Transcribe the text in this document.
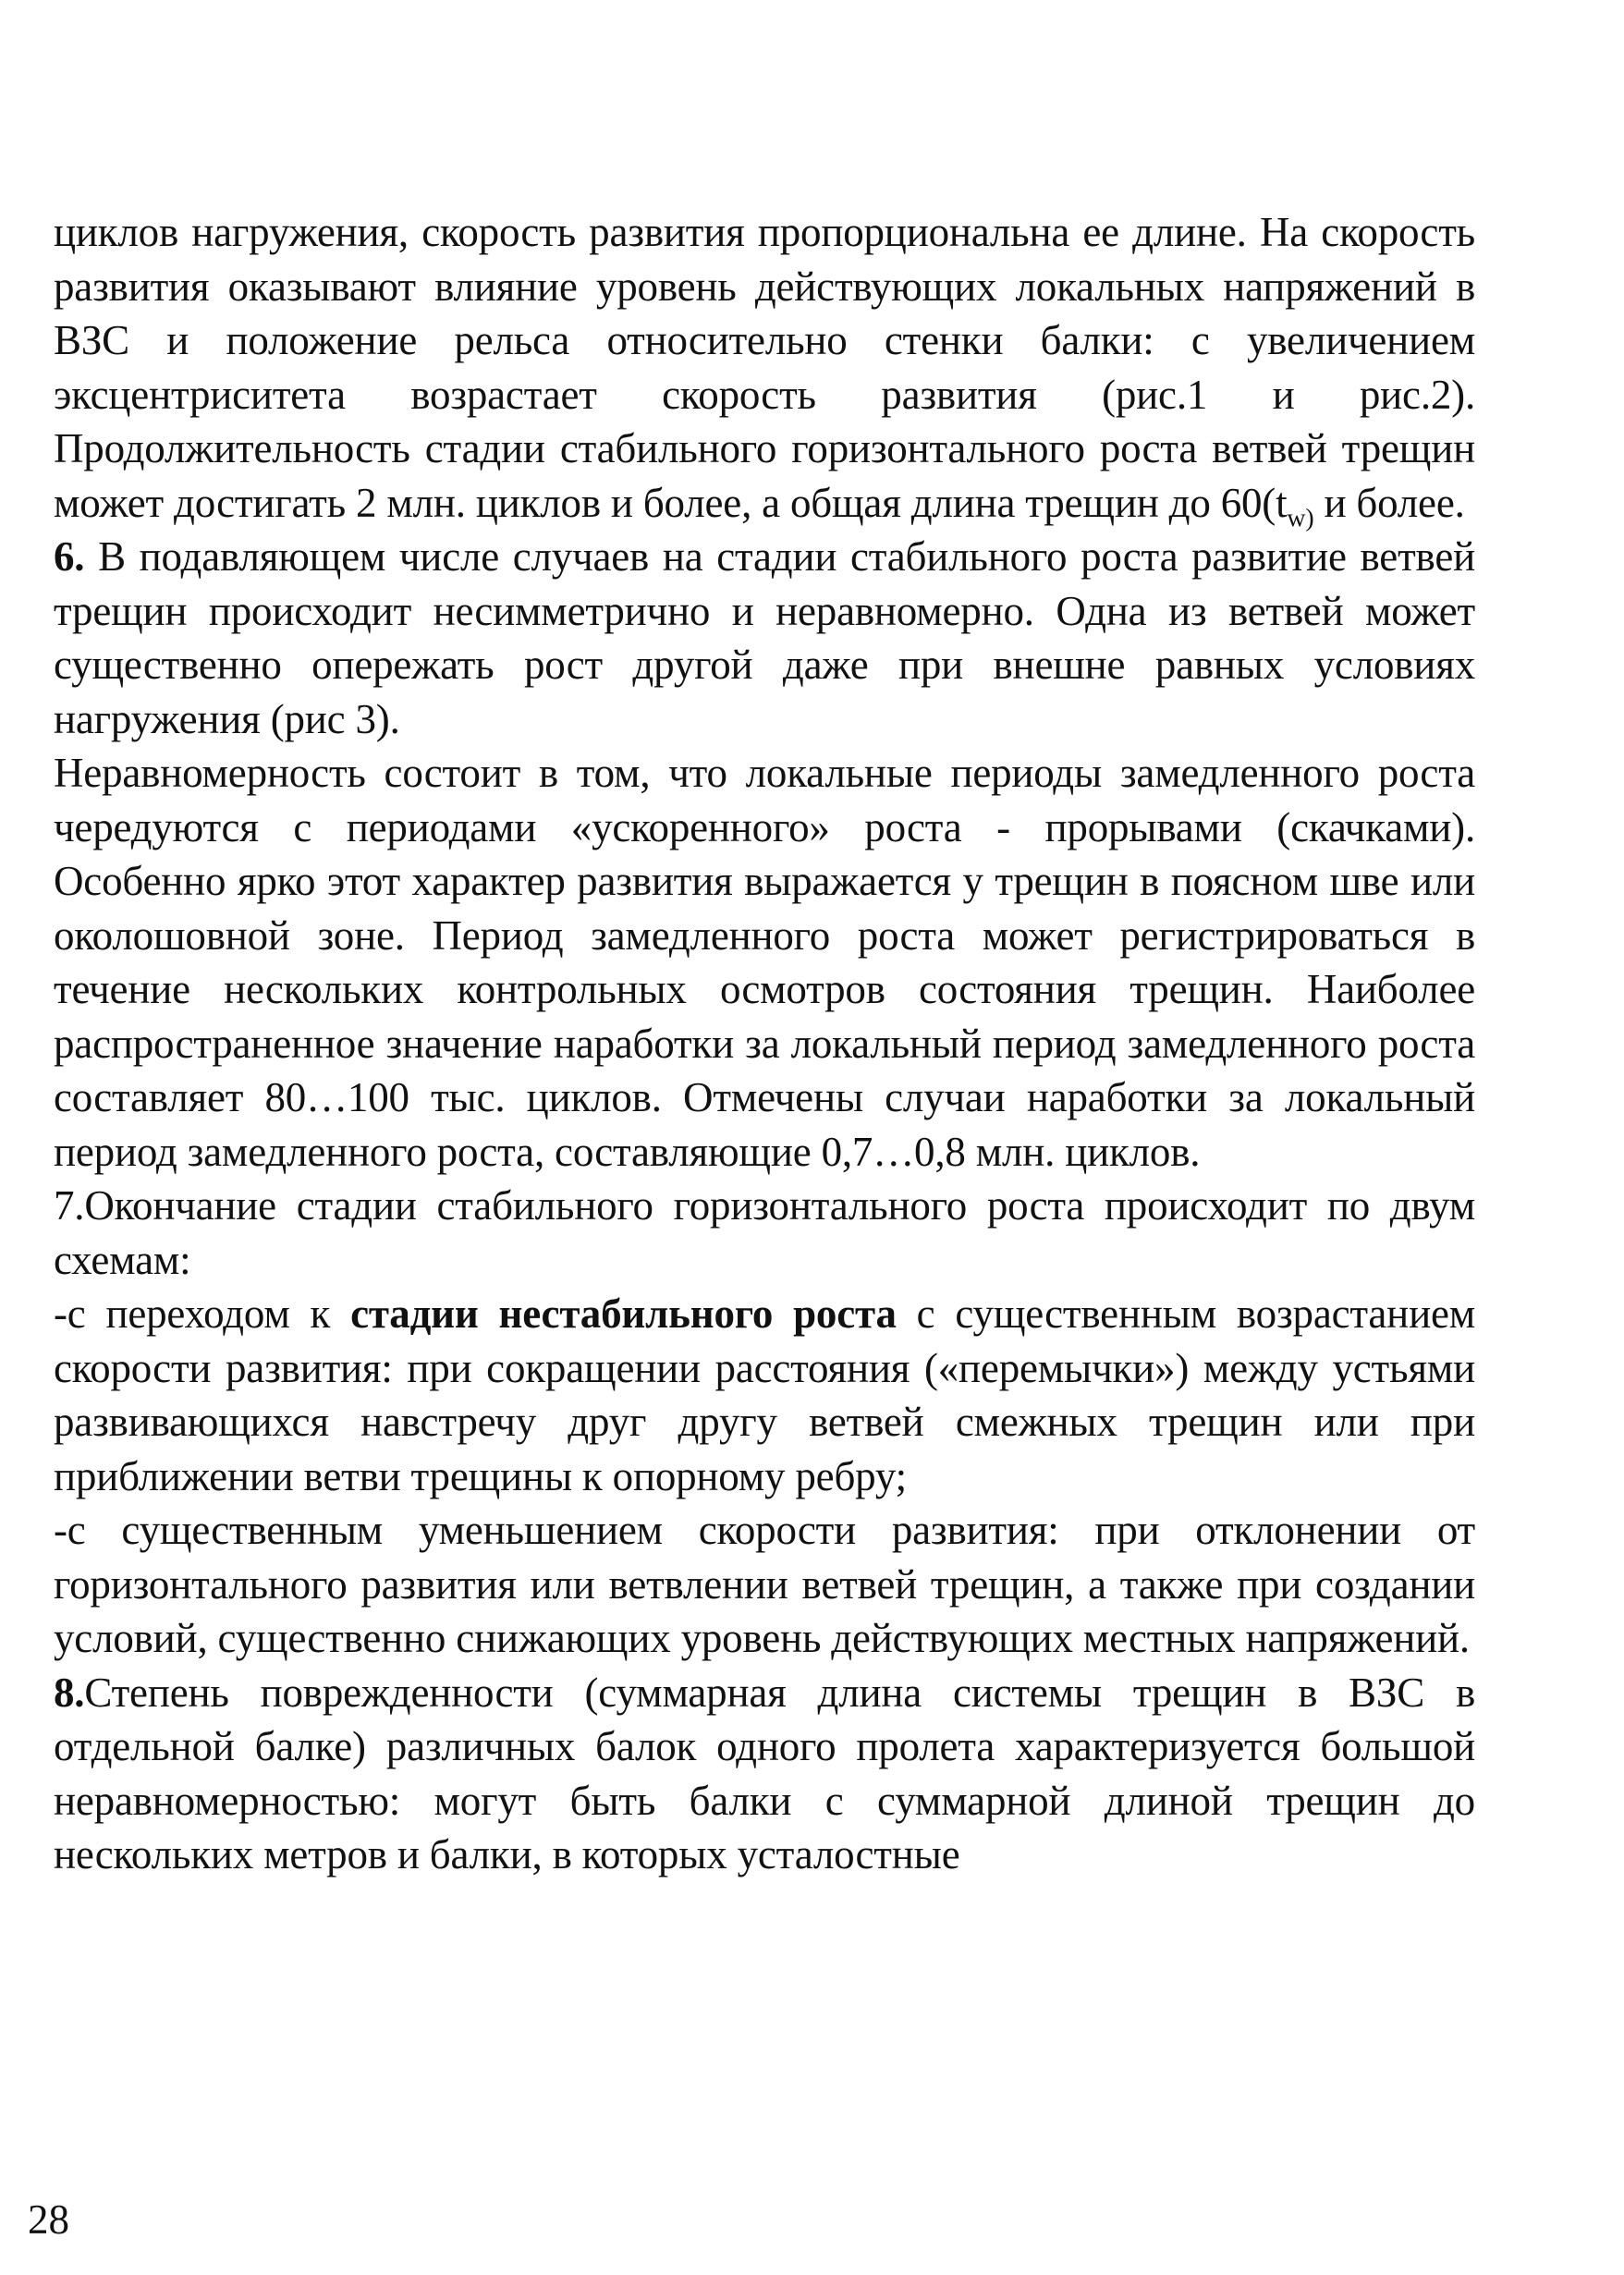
циклов нагружения, скорость развития пропорциональна ее длине. На скорость развития оказывают влияние уровень действующих локальных напряжений в ВЗС и положение рельса относительно стенки балки: с увеличением эксцентриситета возрастает скорость развития (рис.1 и рис.2). Продолжительность стадии стабильного горизонтального роста ветвей трещин может достигать 2 млн. циклов и более, а общая длина трещин до $60(t_{w)}$ и более.

6. В подавляющем числе случаев на стадии стабильного роста развитие ветвей трещин происходит несимметрично и неравномерно. Одна из ветвей может существенно опережать рост другой даже при внешне равных условиях нагружения (рис 3).

Неравномерность состоит в том, что локальные периоды замедленного роста чередуются с периодами «ускоренного» роста - прорывами (скачками). Особенно ярко этот характер развития выражается у трещин в поясном шве или околошовной зоне. Период замедленного роста может регистрироваться в течение нескольких контрольных осмотров состояния трещин. Наиболее распространенное значение наработки за локальный период замедленного роста составляет 80…100 тыс. циклов. Отмечены случаи наработки за локальный период замедленного роста, составляющие 0,7…0,8 млн. циклов.

7.Окончание стадии стабильного горизонтального роста происходит по двум схемам:

-с переходом к стадии нестабильного роста с существенным возрастанием скорости развития: при сокращении расстояния («перемычки») между устьями развивающихся навстречу друг другу ветвей смежных трещин или при приближении ветви трещины к опорному ребру;

-с существенным уменьшением скорости развития: при отклонении от горизонтального развития или ветвлении ветвей трещин, а также при создании условий, существенно снижающих уровень действующих местных напряжений.

8.Степень поврежденности (суммарная длина системы трещин в ВЗС в отдельной балке) различных балок одного пролета характеризуется большой неравномерностью: могут быть балки с суммарной длиной трещин до нескольких метров и балки, в которых усталостные

28
